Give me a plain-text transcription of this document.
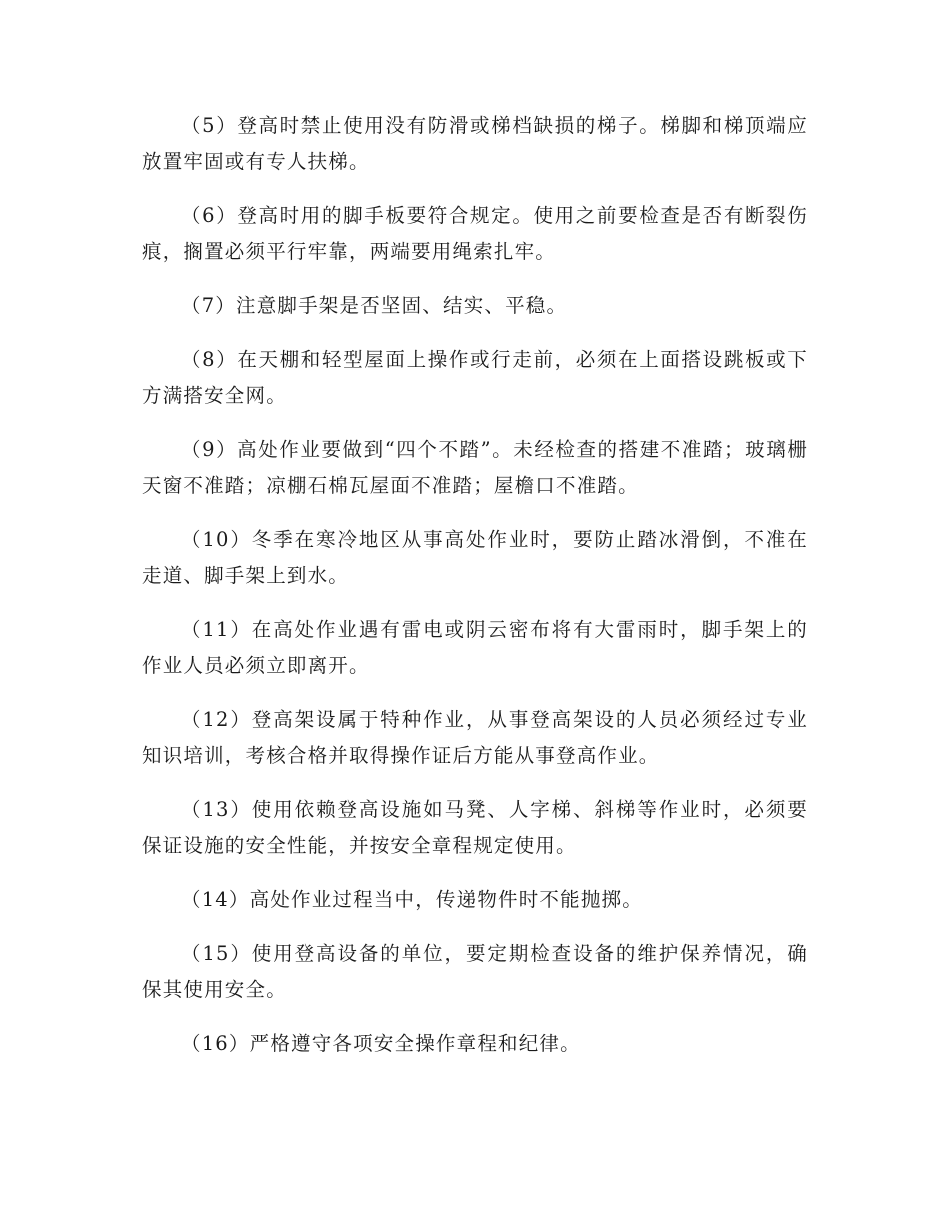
（5）登高时禁止使用没有防滑或梯档缺损的梯子。梯脚和梯顶端应放置牢固或有专人扶梯。

（6）登高时用的脚手板要符合规定。使用之前要检查是否有断裂伤痕，搁置必须平行牢靠，两端要用绳索扎牢。

（7）注意脚手架是否坚固、结实、平稳。

（8）在天棚和轻型屋面上操作或行走前，必须在上面搭设跳板或下方满搭安全网。

（9）高处作业要做到“四个不踏”。未经检查的搭建不准踏；玻璃栅天窗不准踏；凉棚石棉瓦屋面不准踏；屋檐口不准踏。

（10）冬季在寒冷地区从事高处作业时，要防止踏冰滑倒，不准在走道、脚手架上到水。

（11）在高处作业遇有雷电或阴云密布将有大雷雨时，脚手架上的作业人员必须立即离开。

（12）登高架设属于特种作业，从事登高架设的人员必须经过专业知识培训，考核合格并取得操作证后方能从事登高作业。

（13）使用依赖登高设施如马凳、人字梯、斜梯等作业时，必须要保证设施的安全性能，并按安全章程规定使用。

（14）高处作业过程当中，传递物件时不能抛掷。

（15）使用登高设备的单位，要定期检查设备的维护保养情况，确保其使用安全。

（16）严格遵守各项安全操作章程和纪律。
